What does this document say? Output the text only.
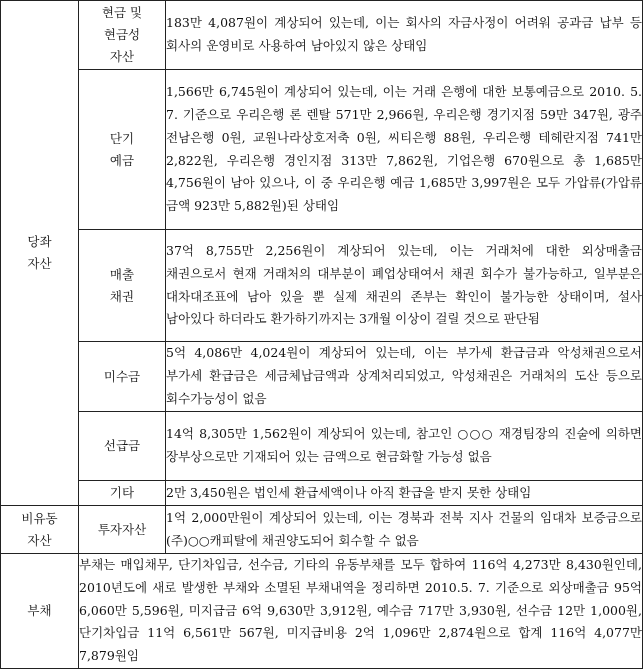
당좌
자산	현금 및
현금성
자산	183만 4,087원이 계상되어 있는데, 이는 회사의 자금사정이 어려워 공과금 납부 등 회사의 운영비로 사용하여 남아있지 않은 상태임

	단기
예금	1,566만 6,745원이 계상되어 있는데, 이는 거래 은행에 대한 보통예금으로 2010. 5. 7. 기준으로 우리은행 론 렌탈 571만 2,966원, 우리은행 경기지점 59만 347원, 광주 전남은행 0원, 교원나라상호저축 0원, 씨티은행 88원, 우리은행 테헤란지점 741만 2,822원, 우리은행 경인지점 313만 7,862원, 기업은행 670원으로 총 1,685만 4,756원이 남아 있으나, 이 중 우리은행 예금 1,685만 3,997원은 모두 가압류(가압류 금액 923만 5,882원)된 상태임

	매출
채권	37억 8,755만 2,256원이 계상되어 있는데, 이는 거래처에 대한 외상매출금 채권으로서 현재 거래처의 대부분이 폐업상태여서 채권 회수가 불가능하고, 일부분은 대차대조표에 남아 있을 뿐 실제 채권의 존부는 확인이 불가능한 상태이며, 설사 남아있다 하더라도 환가하기까지는 3개월 이상이 걸릴 것으로 판단됨

	미수금	5억 4,086만 4,024원이 계상되어 있는데, 이는 부가세 환급금과 악성채권으로서 부가세 환급금은 세금체납금액과 상계처리되었고, 악성채권은 거래처의 도산 등으로 회수가능성이 없음

	선급금	14억 8,305만 1,562원이 계상되어 있는데, 참고인 ○○○ 재경팀장의 진술에 의하면 장부상으로만 기재되어 있는 금액으로 현금화할 가능성 없음

	기타	2만 3,450원은 법인세 환급세액이나 아직 환급을 받지 못한 상태임

비유동
자산	투자자산	1억 2,000만원이 계상되어 있는데, 이는 경북과 전북 지사 건물의 임대차 보증금으로 (주)○○캐피탈에 채권양도되어 회수할 수 없음

부채	부채는 매입채무, 단기차입금, 선수금, 기타의 유동부채를 모두 합하여 116억 4,273만 8,430원인데, 2010년도에 새로 발생한 부채와 소멸된 부채내역을 정리하면 2010.5. 7. 기준으로 외상매출금 95억 6,060만 5,596원, 미지급금 6억 9,630만 3,912원, 예수금 717만 3,930원, 선수금 12만 1,000원, 단기차입금 11억 6,561만 567원, 미지급비용 2억 1,096만 2,874원으로 합계 116억 4,077만 7,879원임	
